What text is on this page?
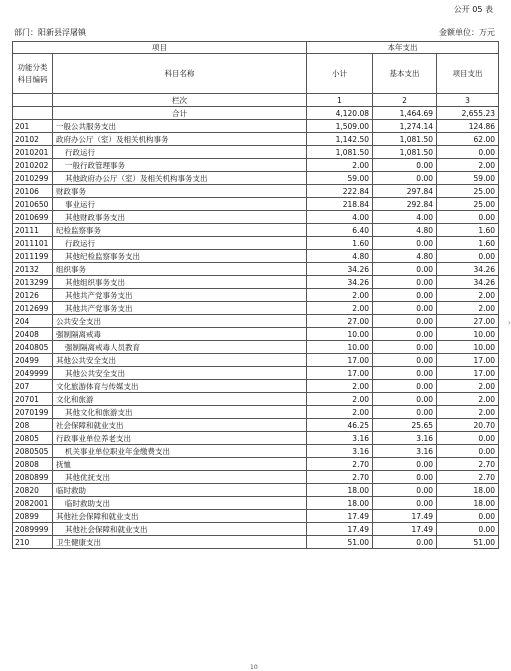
公开 05 表
部门：阳新县浮屠镇	金额单位：万元
项目		本年支出		
功能分类科目编码	科目名称	小计	基本支出	项目支出
	栏次	1	2	3
	合计	4,120.08	1,464.69	2,655.23
201	一般公共服务支出	1,509.00	1,274.14	124.86
20102	政府办公厅（室）及相关机构事务	1,142.50	1,081.50	62.00
2010201	行政运行	1,081.50	1,081.50	0.00
2010202	一般行政管理事务	2.00	0.00	2.00
2010299	其他政府办公厅（室）及相关机构事务支出	59.00	0.00	59.00
20106	财政事务	222.84	297.84	25.00
2010650	事业运行	218.84	292.84	25.00
2010699	其他财政事务支出	4.00	4.00	0.00
20111	纪检监察事务	6.40	4.80	1.60
2011101	行政运行	1.60	0.00	1.60
2011199	其他纪检监察事务支出	4.80	4.80	0.00
20132	组织事务	34.26	0.00	34.26
2013299	其他组织事务支出	34.26	0.00	34.26
20126	其他共产党事务支出	2.00	0.00	2.00
2012699	其他共产党事务支出	2.00	0.00	2.00
204	公共安全支出	27.00	0.00	27.00
20408	强制隔离戒毒	10.00	0.00	10.00
2040805	强制隔离戒毒人员教育	10.00	0.00	10.00
20499	其他公共安全支出	17.00	0.00	17.00
2049999	其他公共安全支出	17.00	0.00	17.00
207	文化旅游体育与传媒支出	2.00	0.00	2.00
20701	文化和旅游	2.00	0.00	2.00
2070199	其他文化和旅游支出	2.00	0.00	2.00
208	社会保障和就业支出	46.25	25.65	20.70
20805	行政事业单位养老支出	3.16	3.16	0.00
2080505	机关事业单位职业年金缴费支出	3.16	3.16	0.00
20808	抚恤	2.70	0.00	2.70
2080899	其他优抚支出	2.70	0.00	2.70
20820	临时救助	18.00	0.00	18.00
2082001	临时救助支出	18.00	0.00	18.00
20899	其他社会保障和就业支出	17.49	17.49	0.00
2089999	其他社会保障和就业支出	17.49	17.49	0.00
210	卫生健康支出	51.00	0.00	51.00
›
10
